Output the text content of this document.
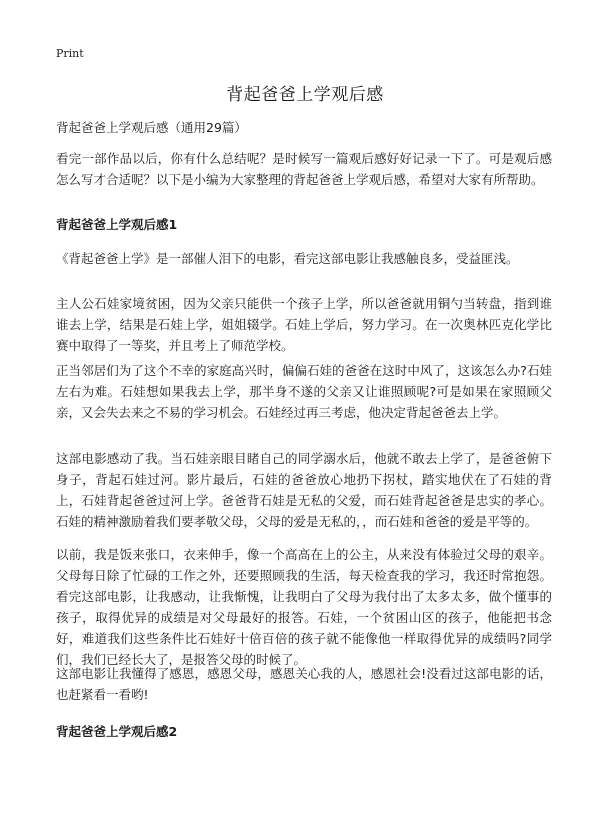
Print
背起爸爸上学观后感

背起爸爸上学观后感（通用29篇）

看完一部作品以后，你有什么总结呢？是时候写一篇观后感好好记录一下了。可是观后感怎么写才合适呢？以下是小编为大家整理的背起爸爸上学观后感，希望对大家有所帮助。

背起爸爸上学观后感1

《背起爸爸上学》是一部催人泪下的电影，看完这部电影让我感触良多，受益匪浅。

主人公石娃家境贫困，因为父亲只能供一个孩子上学，所以爸爸就用铜勺当转盘，指到谁谁去上学，结果是石娃上学，姐姐辍学。石娃上学后，努力学习。在一次奥林匹克化学比赛中取得了一等奖，并且考上了师范学校。

正当邻居们为了这个不幸的家庭高兴时，偏偏石娃的爸爸在这时中风了，这该怎么办?石娃左右为难。石娃想如果我去上学，那半身不遂的父亲又让谁照顾呢?可是如果在家照顾父亲，又会失去来之不易的学习机会。石娃经过再三考虑，他决定背起爸爸去上学。

这部电影感动了我。当石娃亲眼目睹自己的同学溺水后，他就不敢去上学了，是爸爸俯下身子，背起石娃过河。影片最后，石娃的爸爸放心地扔下拐杖，踏实地伏在了石娃的背上，石娃背起爸爸过河上学。爸爸背石娃是无私的父爱，而石娃背起爸爸是忠实的孝心。石娃的精神激励着我们要孝敬父母，父母的爱是无私的，，而石娃和爸爸的爱是平等的。

以前，我是饭来张口，衣来伸手，像一个高高在上的公主，从来没有体验过父母的艰辛。父母每日除了忙碌的工作之外，还要照顾我的生活，每天检查我的学习，我还时常抱怨。看完这部电影，让我感动，让我惭愧，让我明白了父母为我付出了太多太多，做个懂事的孩子，取得优异的成绩是对父母最好的报答。石娃，一个贫困山区的孩子，他能把书念好，难道我们这些条件比石娃好十倍百倍的孩子就不能像他一样取得优异的成绩吗?同学们，我们已经长大了，是报答父母的时候了。

这部电影让我懂得了感恩，感恩父母，感恩关心我的人，感恩社会!没看过这部电影的话，也赶紧看一看哟!

背起爸爸上学观后感2
